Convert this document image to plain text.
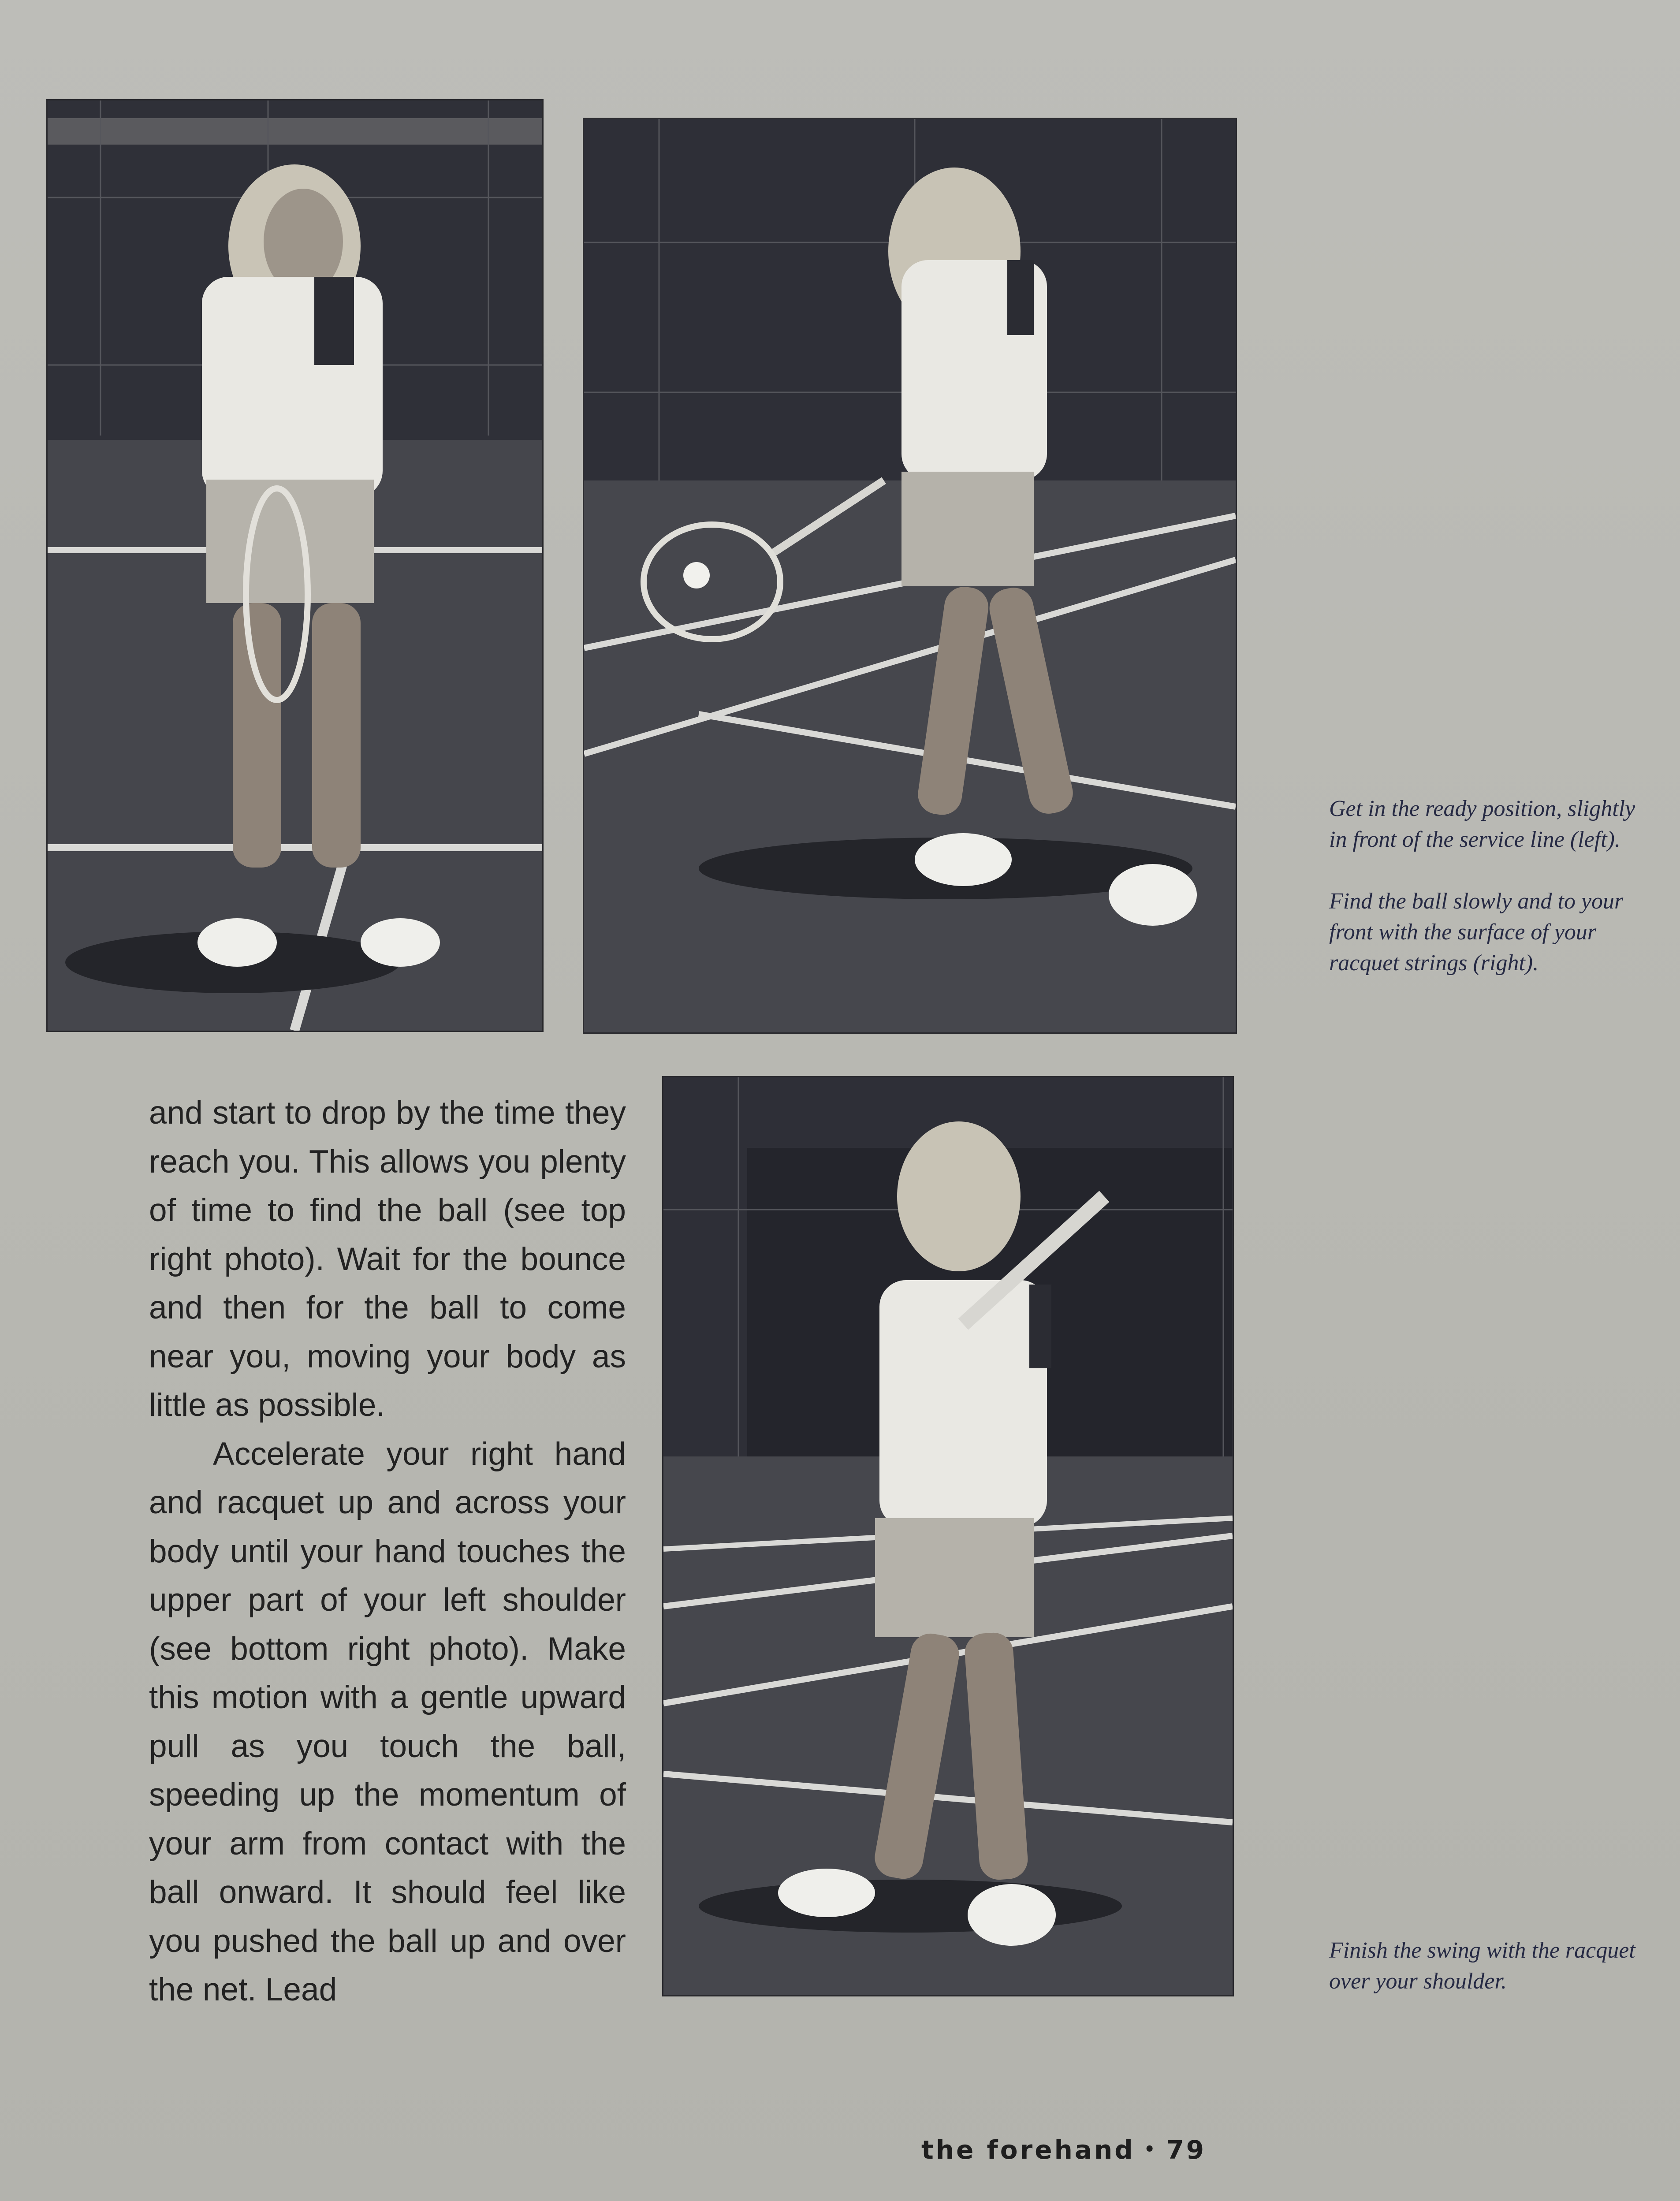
Get in the ready position, slightly in front of the service line (left).

Find the ball slowly and to your front with the surface of your racquet strings (right).

Finish the swing with the racquet over your shoulder.

and start to drop by the time they reach you. This allows you plenty of time to find the ball (see top right photo). Wait for the bounce and then for the ball to come near you, moving your body as little as possible.

Accelerate your right hand and racquet up and across your body until your hand touches the upper part of your left shoulder (see bottom right photo). Make this motion with a gentle upward pull as you touch the ball, speeding up the momentum of your arm from contact with the ball onward. It should feel like you pushed the ball up and over the net. Lead

the forehand • 79
